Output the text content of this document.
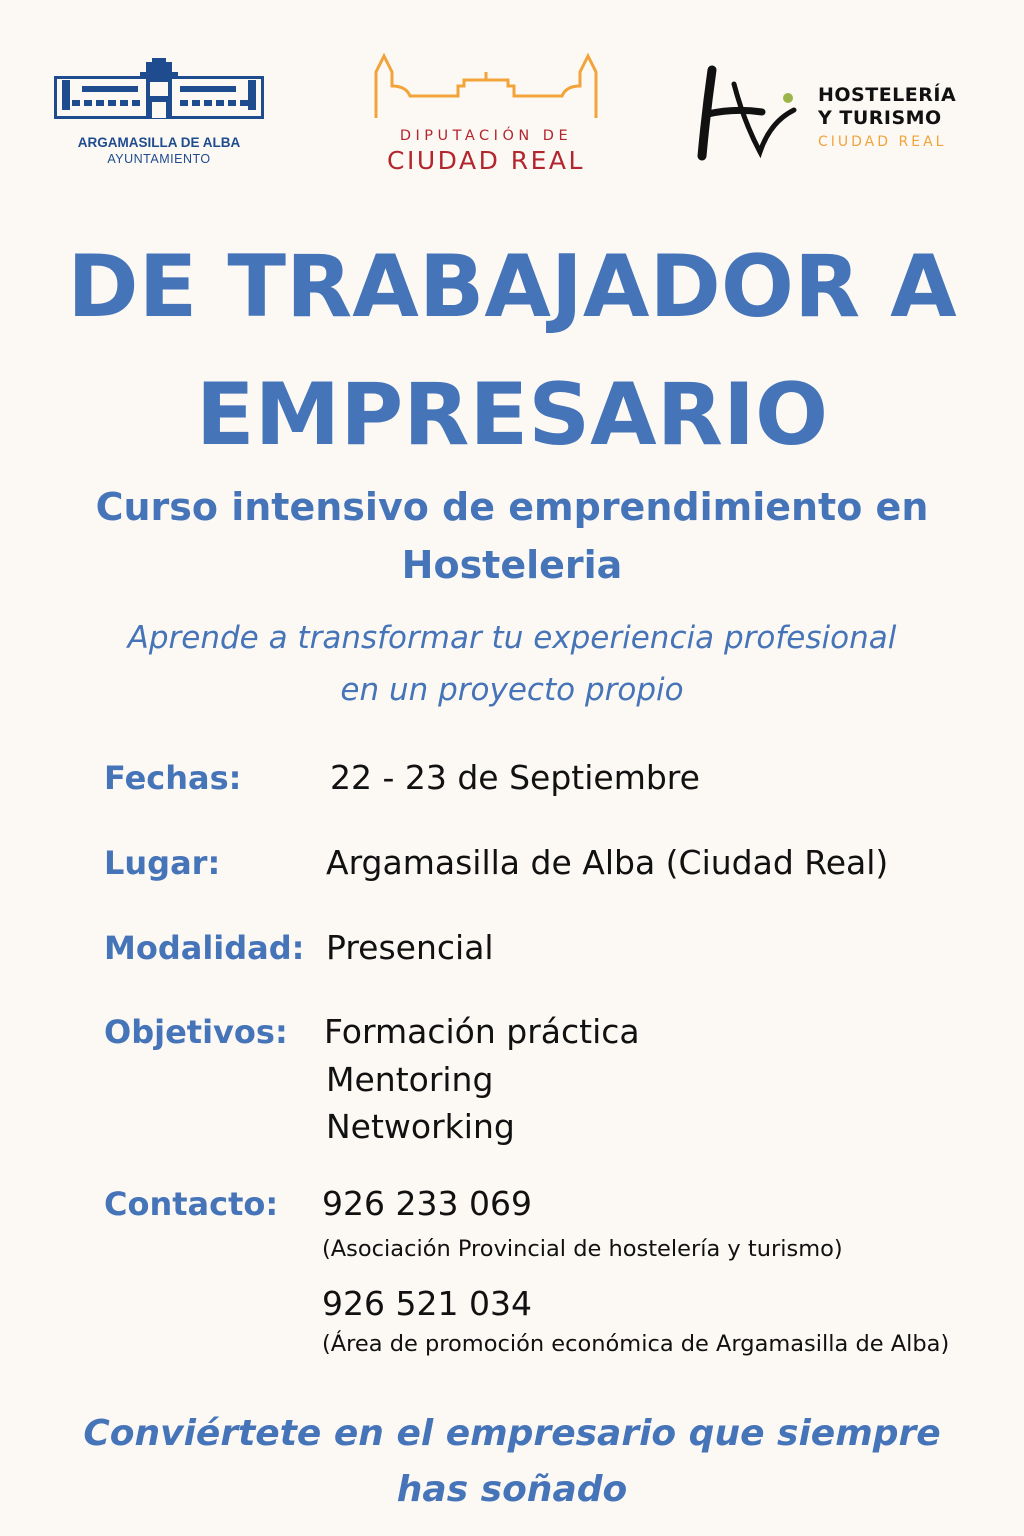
ARGAMASILLA DE ALBA
AYUNTAMIENTO
DIPUTACIÓN DE
CIUDAD REAL
HOSTELERÍA
Y TURISMO
CIUDAD REAL
DE TRABAJADOR A
EMPRESARIO
Curso intensivo de emprendimiento en
Hosteleria
Aprende a transformar tu experiencia profesional
en un proyecto propio
Fechas:	22 - 23 de Septiembre
Lugar:	Argamasilla de Alba (Ciudad Real)
Modalidad: Presencial
Objetivos: Formación práctica
Mentoring
Networking
Contacto: 926 233 069
(Asociación Provincial de hostelería y turismo)
926 521 034
(Área de promoción económica de Argamasilla de Alba)
Conviértete en el empresario que siempre
has soñado
